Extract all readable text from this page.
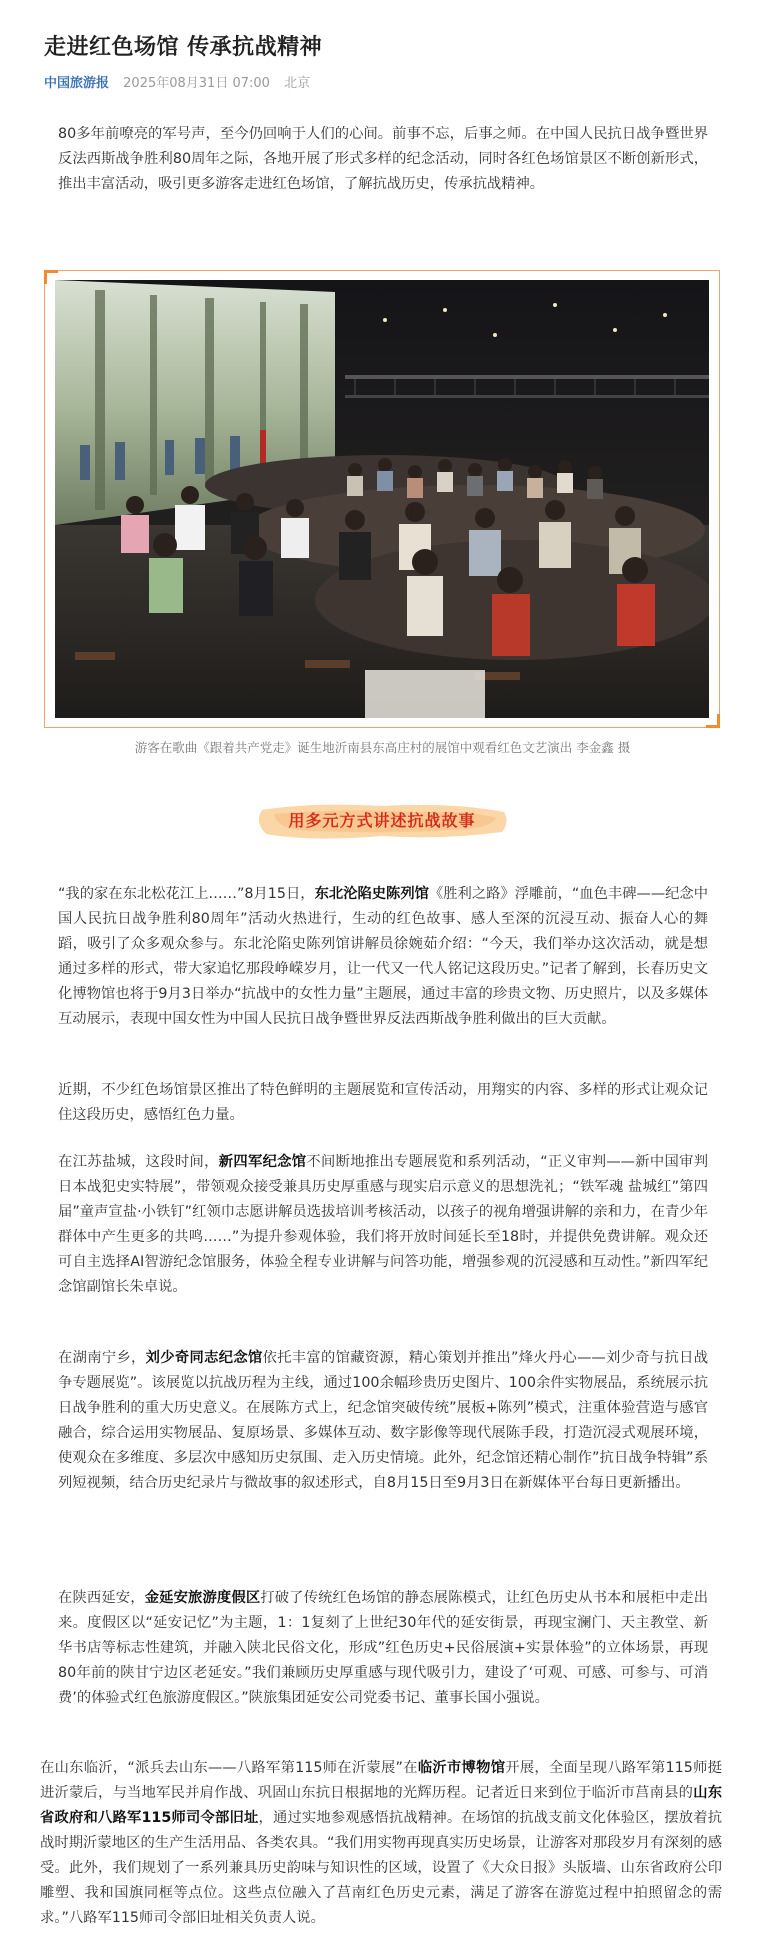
走进红色场馆 传承抗战精神
中国旅游报 2025年08月31日 07:00 北京

80多年前嘹亮的军号声，至今仍回响于人们的心间。前事不忘，后事之师。在中国人民抗日战争暨世界反法西斯战争胜利80周年之际，各地开展了形式多样的纪念活动，同时各红色场馆景区不断创新形式，推出丰富活动，吸引更多游客走进红色场馆，了解抗战历史，传承抗战精神。

游客在歌曲《跟着共产党走》诞生地沂南县东高庄村的展馆中观看红色文艺演出 李金鑫 摄
用多元方式讲述抗战故事

“我的家在东北松花江上……”8月15日，东北沦陷史陈列馆《胜利之路》浮雕前，“血色丰碑——纪念中国人民抗日战争胜利80周年”活动火热进行，生动的红色故事、感人至深的沉浸互动、振奋人心的舞蹈，吸引了众多观众参与。东北沦陷史陈列馆讲解员徐婉茹介绍：“今天，我们举办这次活动，就是想通过多样的形式，带大家追忆那段峥嵘岁月，让一代又一代人铭记这段历史。”记者了解到，长春历史文化博物馆也将于9月3日举办“抗战中的女性力量”主题展，通过丰富的珍贵文物、历史照片，以及多媒体互动展示，表现中国女性为中国人民抗日战争暨世界反法西斯战争胜利做出的巨大贡献。

近期，不少红色场馆景区推出了特色鲜明的主题展览和宣传活动，用翔实的内容、多样的形式让观众记住这段历史，感悟红色力量。

在江苏盐城，这段时间，新四军纪念馆不间断地推出专题展览和系列活动，“正义审判——新中国审判日本战犯史实特展”，带领观众接受兼具历史厚重感与现实启示意义的思想洗礼；“铁军魂 盐城红”第四届”童声宣盐·小铁钉”红领巾志愿讲解员选拔培训考核活动，以孩子的视角增强讲解的亲和力，在青少年群体中产生更多的共鸣……”为提升参观体验，我们将开放时间延长至18时，并提供免费讲解。观众还可自主选择AI智游纪念馆服务，体验全程专业讲解与问答功能，增强参观的沉浸感和互动性。”新四军纪念馆副馆长朱卓说。

在湖南宁乡，刘少奇同志纪念馆依托丰富的馆藏资源，精心策划并推出”烽火丹心——刘少奇与抗日战争专题展览”。该展览以抗战历程为主线，通过100余幅珍贵历史图片、100余件实物展品，系统展示抗日战争胜利的重大历史意义。在展陈方式上，纪念馆突破传统”展板+陈列”模式，注重体验营造与感官融合，综合运用实物展品、复原场景、多媒体互动、数字影像等现代展陈手段，打造沉浸式观展环境，使观众在多维度、多层次中感知历史氛围、走入历史情境。此外，纪念馆还精心制作”抗日战争特辑”系列短视频，结合历史纪录片与微故事的叙述形式，自8月15日至9月3日在新媒体平台每日更新播出。

在陕西延安，金延安旅游度假区打破了传统红色场馆的静态展陈模式，让红色历史从书本和展柜中走出来。度假区以“延安记忆”为主题，1：1复刻了上世纪30年代的延安街景，再现宝澜门、天主教堂、新华书店等标志性建筑，并融入陕北民俗文化，形成”红色历史+民俗展演+实景体验”的立体场景，再现80年前的陕甘宁边区老延安。”我们兼顾历史厚重感与现代吸引力，建设了‘可观、可感、可参与、可消费’的体验式红色旅游度假区。”陕旅集团延安公司党委书记、董事长国小强说。

在山东临沂，“派兵去山东——八路军第115师在沂蒙展”在临沂市博物馆开展，全面呈现八路军第115师挺进沂蒙后，与当地军民并肩作战、巩固山东抗日根据地的光辉历程。记者近日来到位于临沂市莒南县的山东省政府和八路军115师司令部旧址，通过实地参观感悟抗战精神。在场馆的抗战支前文化体验区，摆放着抗战时期沂蒙地区的生产生活用品、各类农具。“我们用实物再现真实历史场景，让游客对那段岁月有深刻的感受。此外，我们规划了一系列兼具历史韵味与知识性的区域，设置了《大众日报》头版墙、山东省政府公印雕塑、我和国旗同框等点位。这些点位融入了莒南红色历史元素，满足了游客在游览过程中拍照留念的需求。”八路军115师司令部旧址相关负责人说。
